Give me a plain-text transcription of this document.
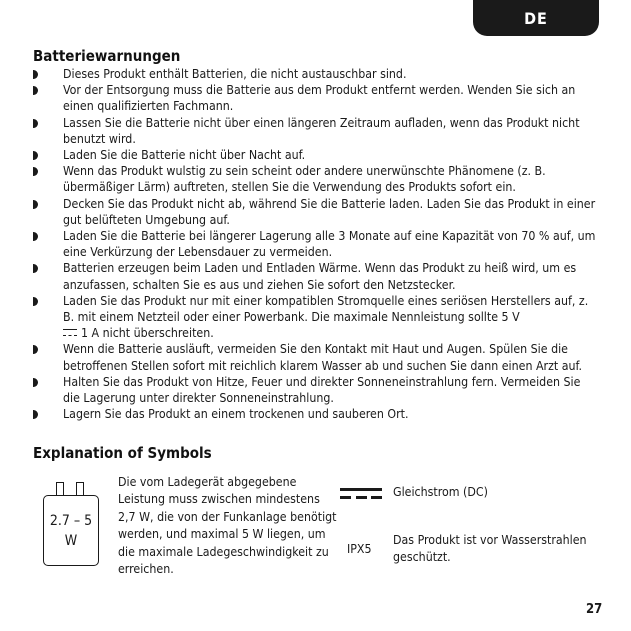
DE
Batteriewarnungen
Dieses Produkt enthält Batterien, die nicht austauschbar sind.
Vor der Entsorgung muss die Batterie aus dem Produkt entfernt werden. Wenden Sie sich an einen qualifizierten Fachmann.
Lassen Sie die Batterie nicht über einen längeren Zeitraum aufladen, wenn das Produkt nicht benutzt wird.
Laden Sie die Batterie nicht über Nacht auf.
Wenn das Produkt wulstig zu sein scheint oder andere unerwünschte Phänomene (z. B. übermäßiger Lärm) auftreten, stellen Sie die Verwendung des Produkts sofort ein.
Decken Sie das Produkt nicht ab, während Sie die Batterie laden. Laden Sie das Produkt in einer gut belüfteten Umgebung auf.
Laden Sie die Batterie bei längerer Lagerung alle 3 Monate auf eine Kapazität von 70 % auf, um eine Verkürzung der Lebensdauer zu vermeiden.
Batterien erzeugen beim Laden und Entladen Wärme. Wenn das Produkt zu heiß wird, um es anzufassen, schalten Sie es aus und ziehen Sie sofort den Netzstecker.
Laden Sie das Produkt nur mit einer kompatiblen Stromquelle eines seriösen Herstellers auf, z. B. mit einem Netzteil oder einer Powerbank. Die maximale Nennleistung sollte 5 V
1 A nicht überschreiten.
Wenn die Batterie ausläuft, vermeiden Sie den Kontakt mit Haut und Augen. Spülen Sie die betroffenen Stellen sofort mit reichlich klarem Wasser ab und suchen Sie dann einen Arzt auf.
Halten Sie das Produkt von Hitze, Feuer und direkter Sonneneinstrahlung fern. Vermeiden Sie die Lagerung unter direkter Sonneneinstrahlung.
Lagern Sie das Produkt an einem trockenen und sauberen Ort.
Explanation of Symbols
2.7 – 5
W

Die vom Ladegerät abgegebene Leistung muss zwischen mindestens 2,7 W, die von der Funkanlage benötigt werden, und maximal 5 W liegen, um die maximale Ladegeschwindigkeit zu erreichen.

Gleichstrom (DC)

IPX5

Das Produkt ist vor Wasserstrahlen geschützt.

27
